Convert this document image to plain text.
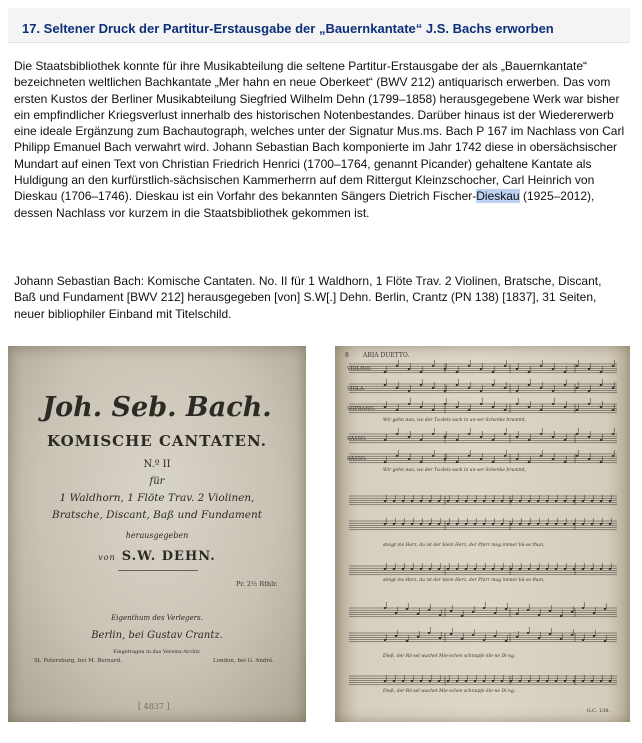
17. Seltener Druck der Partitur-Erstausgabe der „Bauernkantate“ J.S. Bachs erworben

Die Staatsbibliothek konnte für ihre Musikabteilung die seltene Partitur-Erstausgabe der als „Bauernkantate“ bezeichneten weltlichen Bachkantate „Mer hahn en neue Oberkeet“ (BWV 212) antiquarisch erwerben. Das vom ersten Kustos der Berliner Musikabteilung Siegfried Wilhelm Dehn (1799–1858) herausgegebene Werk war bisher ein empfindlicher Kriegsverlust innerhalb des historischen Notenbestandes. Darüber hinaus ist der Wiedererwerb eine ideale Ergänzung zum Bachautograph, welches unter der Signatur Mus.ms. Bach P 167 im Nachlass von Carl Philipp Emanuel Bach verwahrt wird. Johann Sebastian Bach komponierte im Jahr 1742 diese in obersächsischer Mundart auf einen Text von Christian Friedrich Henrici (1700–1764, genannt Picander) gehaltene Kantate als Huldigung an den kurfürstlich-sächsischen Kammerherrn auf dem Rittergut Kleinzschocher, Carl Heinrich von Dieskau (1706–1746). Dieskau ist ein Vorfahr des bekannten Sängers Dietrich Fischer-Dieskau (1925–2012), dessen Nachlass vor kurzem in die Staatsbibliothek gekommen ist.

Johann Sebastian Bach: Komische Cantaten. No. II für 1 Waldhorn, 1 Flöte Trav. 2 Violinen, Bratsche, Discant, Baß und Fundament [BWV 212] herausgegeben [von] S.W[.] Dehn. Berlin, Crantz (PN 138) [1837], 31 Seiten, neuer bibliophiler Einband mit Titelschild.

Joh. Seb. Bach.
KOMISCHE CANTATEN.
N.º II
für
1 Waldhorn, 1 Flöte Trav. 2 Violinen,
Bratsche, Discant, Baß und Fundament
herausgegeben
von S.W. DEHN.
Pr. 2½ Rthlr.
Eigenthum des Verlegers.
Berlin, bei Gustav Crantz.
Eingetragen in das Vereins-Archiv.
St. Petersburg, bei M. Bernard.	London, bei G. André.
[ 4837 ]
8 ARIA DUETTO.
VIOLINO.
VIOLA.
SOPRANO.
BASSO.
BASSO.
Wir gehn nun, wo der Tu-dels-sack in un-ser Schenke brummt,
Wir gehn nun, wo der Tu-dels-sack in un-ser Schenke brummt,
steigt ins Herz, da ist der klein Herz, der Pfarr mag immer bü-se thun,
steigt ins Herz, da ist der klein Herz, der Pfarr mag immer bü-se thun,
Dieß, der Rö-sel wachet Mie-schen schnupfe kle-ne Di-ng.
Dieß, der Rö-sel wachet Mie-schen schnupfe kle-ne Di-ng.
G.C. 138.
